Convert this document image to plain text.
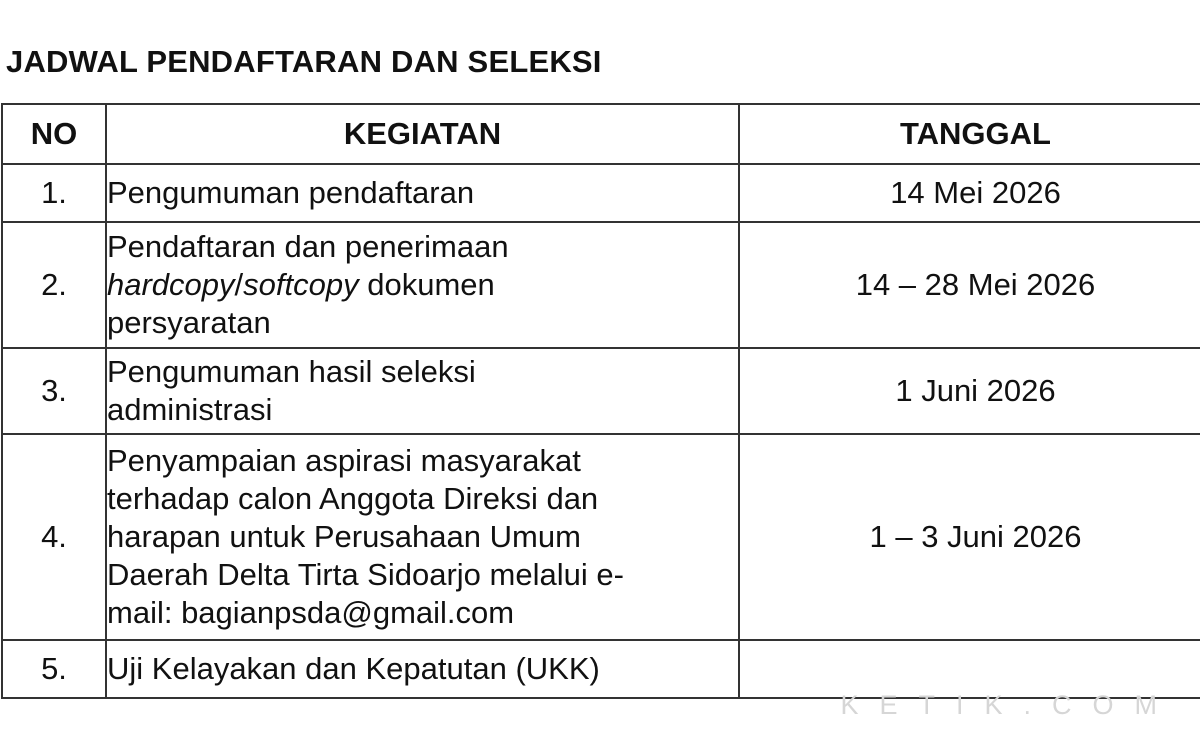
JADWAL PENDAFTARAN DAN SELEKSI
NO	KEGIATAN	TANGGAL
1.	Pengumuman pendaftaran	14 Mei 2026
2.	Pendaftaran dan penerimaan
hardcopy/softcopy dokumen
persyaratan	14 – 28 Mei 2026
3.	Pengumuman hasil seleksi
administrasi	1 Juni 2026
4.	Penyampaian aspirasi masyarakat
terhadap calon Anggota Direksi dan
harapan untuk Perusahaan Umum
Daerah Delta Tirta Sidoarjo melalui e-
mail: bagianpsda@gmail.com	1 – 3 Juni 2026
5.	Uji Kelayakan dan Kepatutan (UKK)	

KETIK.COM
